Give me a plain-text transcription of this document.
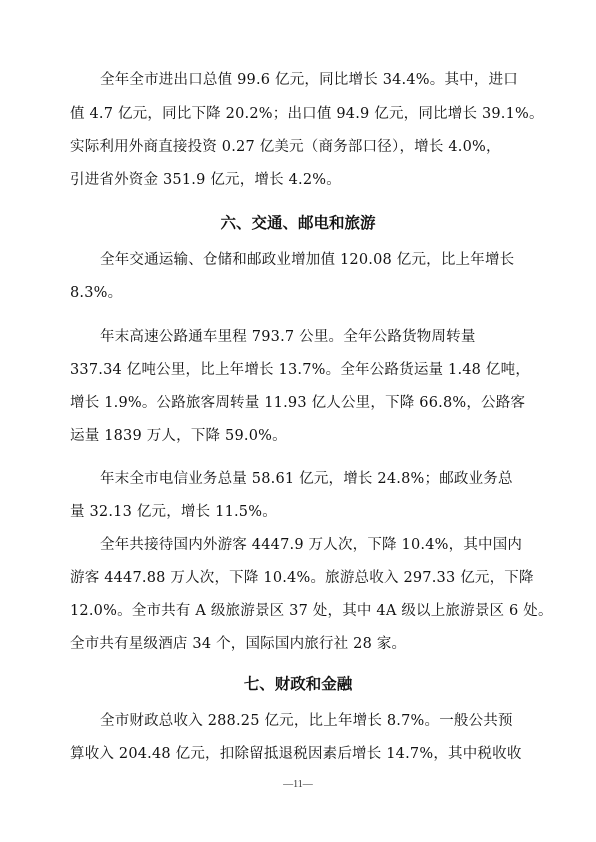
全年全市进出口总值 99.6 亿元，同比增长 34.4%。其中，进口
值 4.7 亿元，同比下降 20.2%；出口值 94.9 亿元，同比增长 39.1%。
实际利用外商直接投资 0.27 亿美元（商务部口径），增长 4.0%，
引进省外资金 351.9 亿元，增长 4.2%。
六、交通、邮电和旅游
全年交通运输、仓储和邮政业增加值 120.08 亿元，比上年增长
8.3%。
年末高速公路通车里程 793.7 公里。全年公路货物周转量
337.34 亿吨公里，比上年增长 13.7%。全年公路货运量 1.48 亿吨，
增长 1.9%。公路旅客周转量 11.93 亿人公里，下降 66.8%，公路客
运量 1839 万人，下降 59.0%。
年末全市电信业务总量 58.61 亿元，增长 24.8%；邮政业务总
量 32.13 亿元，增长 11.5%。
全年共接待国内外游客 4447.9 万人次，下降 10.4%，其中国内
游客 4447.88 万人次，下降 10.4%。旅游总收入 297.33 亿元，下降
12.0%。全市共有 A 级旅游景区 37 处，其中 4A 级以上旅游景区 6 处。
全市共有星级酒店 34 个，国际国内旅行社 28 家。
七、财政和金融
全市财政总收入 288.25 亿元，比上年增长 8.7%。一般公共预
算收入 204.48 亿元，扣除留抵退税因素后增长 14.7%，其中税收收
—11—
